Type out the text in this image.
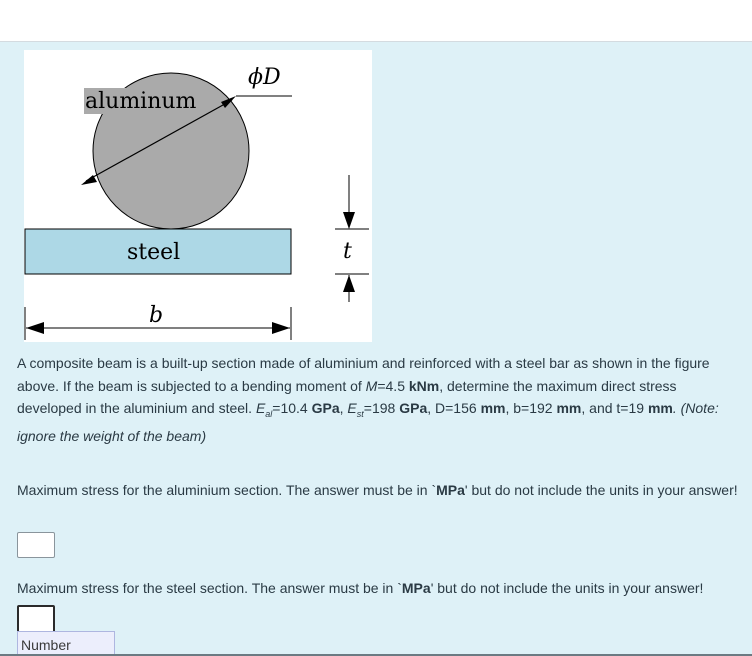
ϕD
aluminum
steel	t
b

A composite beam is a built-up section made of aluminium and reinforced with a steel bar as shown in the figure above. If the beam is subjected to a bending moment of M=4.5 kNm, determine the maximum direct stress developed in the aluminium and steel. $E_{al}=10.4$ GPa, $E_{st}=198$ GPa, D=156 mm, b=192 mm, and t=19 mm. (Note: ignore the weight of the beam)

Maximum stress for the aluminium section. The answer must be in `MPa' but do not include the units in your answer!

Maximum stress for the steel section. The answer must be in `MPa' but do not include the units in your answer!

Number
